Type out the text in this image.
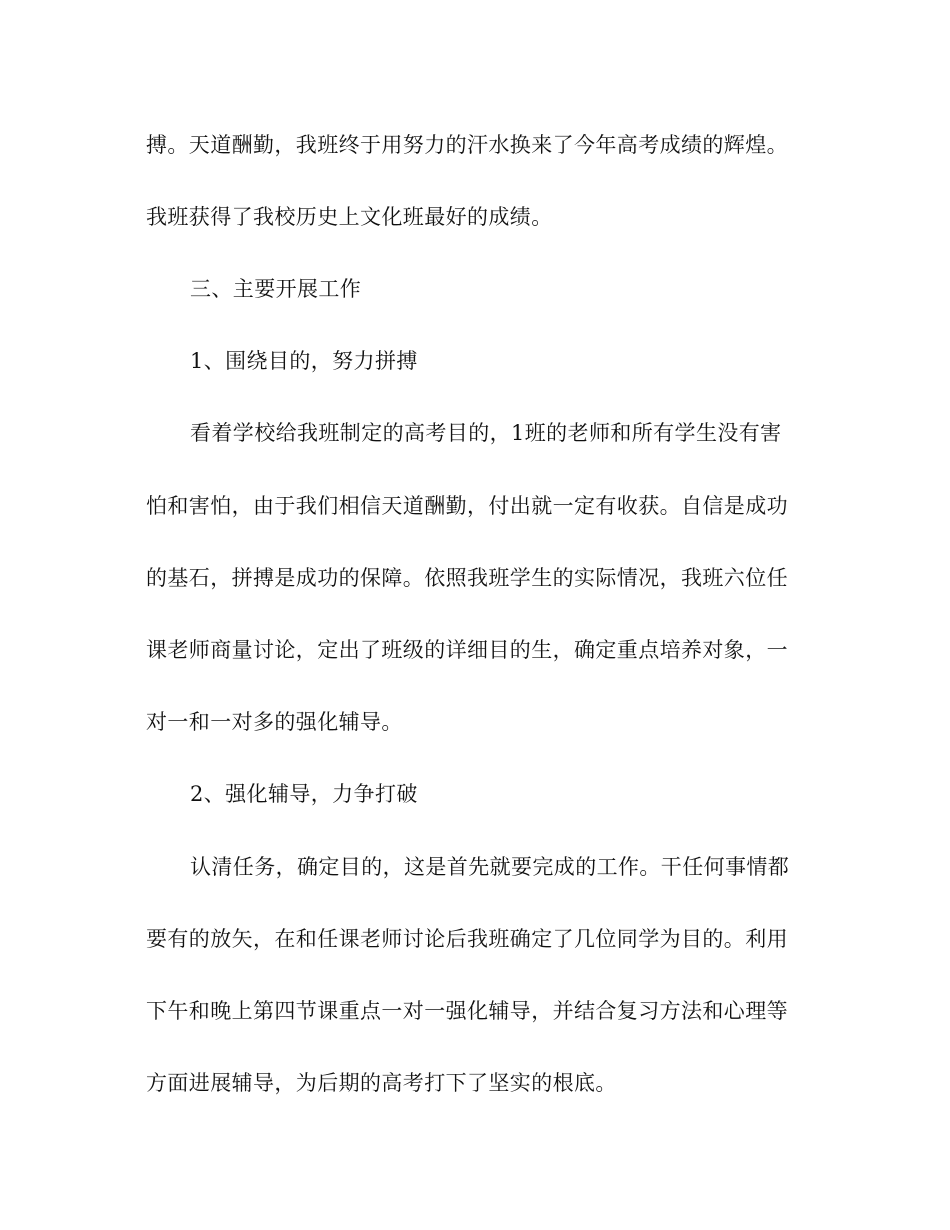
搏。天道酬勤，我班终于用努力的汗水换来了今年高考成绩的辉煌。
我班获得了我校历史上文化班最好的成绩。
三、主要开展工作
1、围绕目的，努力拼搏
看着学校给我班制定的高考目的，1班的老师和所有学生没有害
怕和害怕，由于我们相信天道酬勤，付出就一定有收获。自信是成功
的基石，拼搏是成功的保障。依照我班学生的实际情况，我班六位任
课老师商量讨论，定出了班级的详细目的生，确定重点培养对象，一
对一和一对多的强化辅导。
2、强化辅导，力争打破
认清任务，确定目的，这是首先就要完成的工作。干任何事情都
要有的放矢，在和任课老师讨论后我班确定了几位同学为目的。利用
下午和晚上第四节课重点一对一强化辅导，并结合复习方法和心理等
方面进展辅导，为后期的高考打下了坚实的根底。
